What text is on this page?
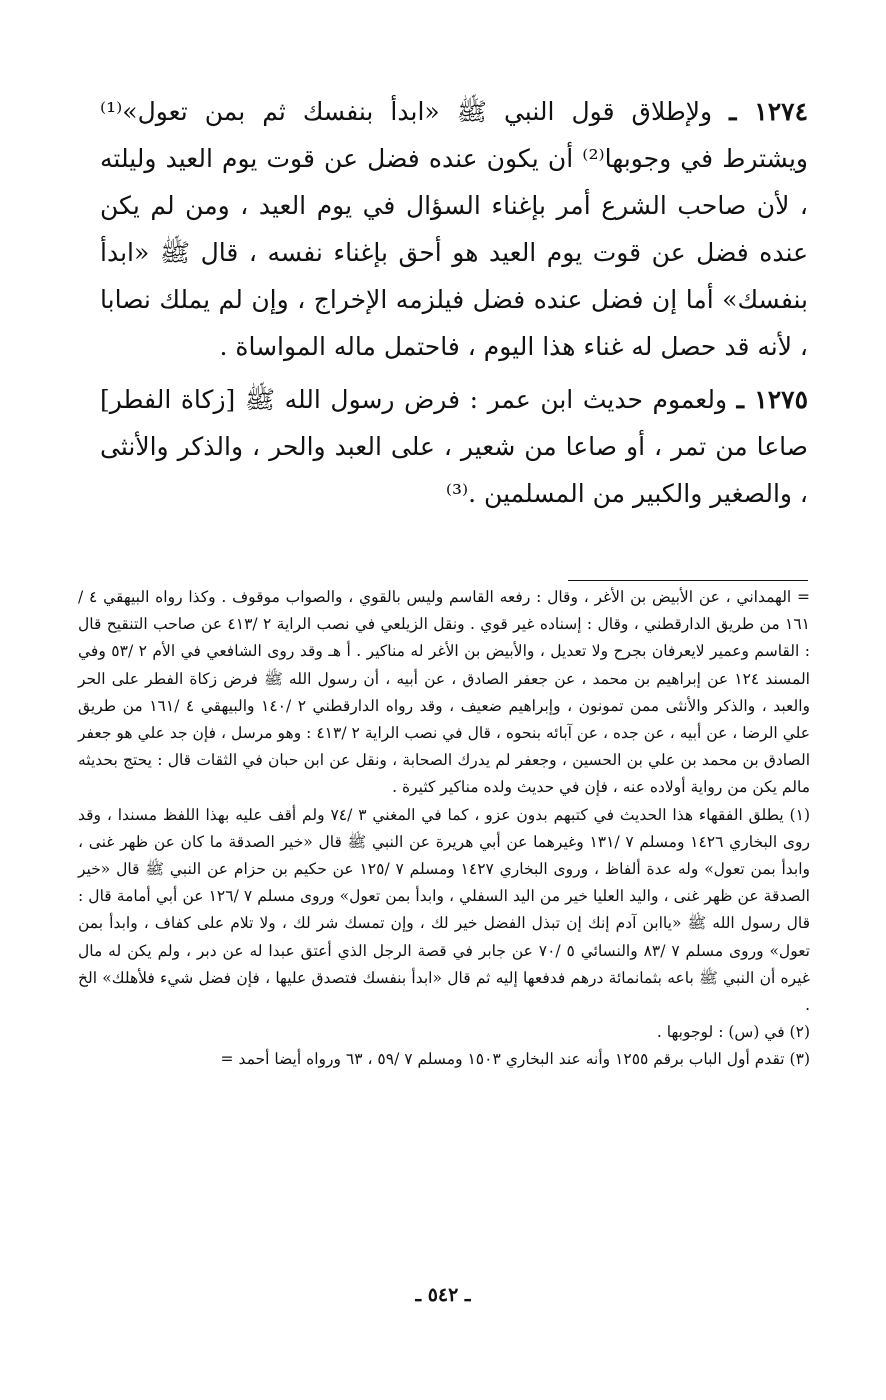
١٢٧٤ ـ ولإطلاق قول النبي ﷺ «ابدأ بنفسك ثم بمن تعول»⁽¹⁾ ويشترط في وجوبها⁽²⁾ أن يكون عنده فضل عن قوت يوم العيد وليلته ، لأن صاحب الشرع أمر بإغناء السؤال في يوم العيد ، ومن لم يكن عنده فضل عن قوت يوم العيد هو أحق بإغناء نفسه ، قال ﷺ «ابدأ بنفسك» أما إن فضل عنده فضل فيلزمه الإخراج ، وإن لم يملك نصابا ، لأنه قد حصل له غناء هذا اليوم ، فاحتمل ماله المواساة .

١٢٧٥ ـ ولعموم حديث ابن عمر : فرض رسول الله ﷺ [زكاة الفطر] صاعا من تمر ، أو صاعا من شعير ، على العبد والحر ، والذكر والأنثى ، والصغير والكبير من المسلمين .⁽³⁾

= الهمداني ، عن الأبيض بن الأغر ، وقال : رفعه القاسم وليس بالقوي ، والصواب موقوف . وكذا رواه البيهقي ٤ /١٦١ من طريق الدارقطني ، وقال : إسناده غير قوي . ونقل الزيلعي في نصب الراية ٢ /٤١٣ عن صاحب التنقيح قال : القاسم وعمير لايعرفان بجرح ولا تعديل ، والأبيض بن الأغر له مناكير . أ هـ وقد روى الشافعي في الأم ٢ /٥٣ وفي المسند ١٢٤ عن إبراهيم بن محمد ، عن جعفر الصادق ، عن أبيه ، أن رسول الله ﷺ فرض زكاة الفطر على الحر والعبد ، والذكر والأنثى ممن تمونون ، وإبراهيم ضعيف ، وقد رواه الدارقطني ٢ /١٤٠ والبيهقي ٤ /١٦١ من طريق علي الرضا ، عن أبيه ، عن جده ، عن آبائه بنحوه ، قال في نصب الراية ٢ /٤١٣ : وهو مرسل ، فإن جد علي هو جعفر الصادق بن محمد بن علي بن الحسين ، وجعفر لم يدرك الصحابة ، ونقل عن ابن حبان في الثقات قال : يحتج بحديثه مالم يكن من رواية أولاده عنه ، فإن في حديث ولده مناكير كثيرة .

(١) يطلق الفقهاء هذا الحديث في كتبهم بدون عزو ، كما في المغني ٣ /٧٤ ولم أقف عليه بهذا اللفظ مسندا ، وقد روى البخاري ١٤٢٦ ومسلم ٧ /١٣١ وغيرهما عن أبي هريرة عن النبي ﷺ قال «خير الصدقة ما كان عن ظهر غنى ، وابدأ بمن تعول» وله عدة ألفاظ ، وروى البخاري ١٤٢٧ ومسلم ٧ /١٢٥ عن حكيم بن حزام عن النبي ﷺ قال «خير الصدقة عن ظهر غنى ، واليد العليا خير من اليد السفلي ، وابدأ بمن تعول» وروى مسلم ٧ /١٢٦ عن أبي أمامة قال : قال رسول الله ﷺ «ياابن آدم إنك إن تبذل الفضل خير لك ، وإن تمسك شر لك ، ولا تلام على كفاف ، وابدأ بمن تعول» وروى مسلم ٧ /٨٣ والنسائي ٥ /٧٠ عن جابر في قصة الرجل الذي أعتق عبدا له عن دبر ، ولم يكن له مال غيره أن النبي ﷺ باعه بثمانمائة درهم فدفعها إليه ثم قال «ابدأ بنفسك فتصدق عليها ، فإن فضل شيء فلأهلك» الخ .

(٢) في (س) : لوجوبها .

(٣) تقدم أول الباب برقم ١٢٥٥ وأنه عند البخاري ١٥٠٣ ومسلم ٧ /٥٩ ، ٦٣ ورواه أيضا أحمد =

ـ ٥٤٢ ـ
